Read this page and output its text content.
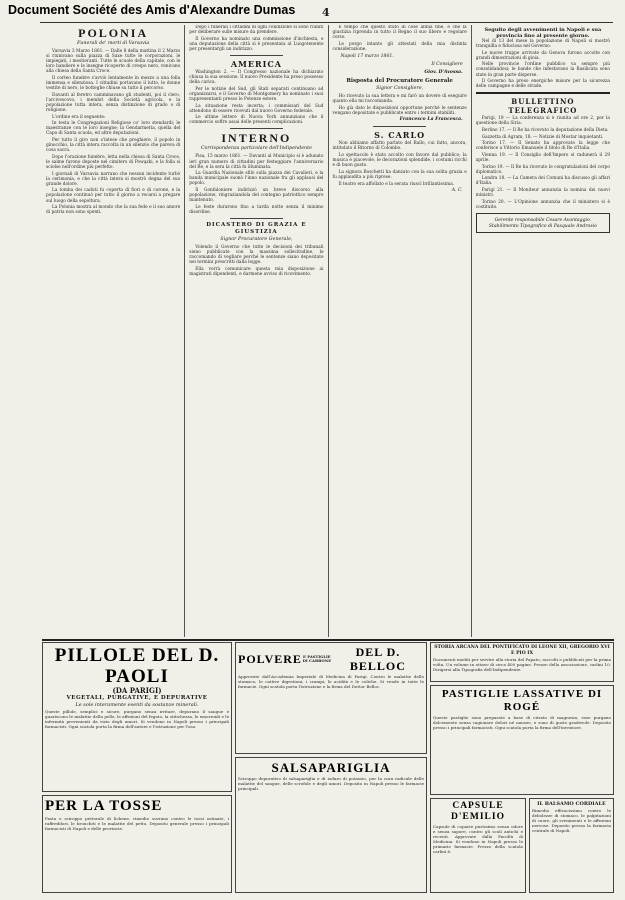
Document Société des Amis d'Alexandre Dumas 4
POLONIA
Funerali de' morti di Varsavia

Varsavia 3 Marzo 1861. — Dalle 8 della mattina il 2 Marzo si riunivano sulla piazza di Saxe tutte le corporazioni, le impiegati, i mestieranti. Tutte le scuole della capitale, con le loro bandiere e le insegne ricoperte di crespo nero, venivano alla chiesa della Santa Croce.

Il corteo funebre s'avviò lentamente in mezzo a una folla immensa e silenziosa. I cittadini portavano il lutto, le donne vestite di nero, le botteghe chiuse su tutto il percorso.

Davanti al feretro camminavano gli studenti, poi il clero, l'arcivescovo, i membri della Società agricola, e la popolazione tutta intera, senza distinzione di grado o di religione.

L'ordine era il seguente:

In testa le Congregazioni Religiose co' loro stendardi; le maestranze con le loro insegne; la Gendarmeria, quella del Capo di Santa scuola, ed altre deputazioni.

Per tutto il giro non s'intese che preghiere, il popolo in ginocchio, la città intera raccolta in un silenzio che pareva di cosa sacra.

Dopo l'orazione funebre, letta nella chiesa di Santa Croce, le salme furono deposte nel cimitero di Powązki, e la folla si sciolse nell'ordine più perfetto.

I giornali di Varsavia narrano che nessun incidente turbò la cerimonia, e che la città intera si mostrò degna del suo grande dolore.

La tomba dei caduti fu coperta di fiori e di corone, e la popolazione continuò per tutto il giorno a recarsi a pregare sul luogo della sepoltura.

La Polonia mostra al mondo che la sua fede e il suo amore di patria non sono spenti.

Dopo i funerali i cittadini di ogni condizione si sono riuniti per deliberare sulle misure da prendere.

Il Governo ha nominato una commissione d'inchiesta, e una deputazione della città si è presentata al Luogotenente per presentargli un indirizzo.

AMERICA

Washington 2. — Il Congresso nazionale ha dichiarato chiusa la sua sessione. Il nuovo Presidente ha preso possesso della carica.

Per le notizie del Sud, gli Stati separati continuano ad organizzarsi, e il Governo di Montgomery ha nominato i suoi rappresentanti presso le Potenze estere.

La situazione resta incerta; i commissari del Sud attendono di essere ricevuti dal nuovo Governo federale.

Le ultime lettere di Nuova York annunziano che il commercio soffre assai delle presenti complicazioni.

INTERNO
Corrispondenza particolare dell'Indipendente

Pisa, 15 marzo 1861. — Davanti al Municipio si è adunato ieri gran numero di cittadini per festeggiare l'anniversario del Re, e la sera la città fu illuminata.

La Guardia Nazionale sfilò sulla piazza dei Cavalieri, e la banda municipale suonò l'inno nazionale fra gli applausi del popolo.

Il Gonfaloniere indirizzò un breve discorso alla popolazione, ringraziandola del contegno patriottico sempre mantenuto.

Le feste durarono fino a tarda notte senza il minimo disordine.

DICASTERO DI GRAZIA E GIUSTIZIA
Signor Procuratore Generale,

Volendo il Governo che tutte le decisioni dei tribunali sieno pubblicate con la massima sollecitudine, le raccomando di vegliare perché le sentenze siano depositate nei termini prescritti dalla legge.

Ella vorrà comunicare questa mia disposizione ai magistrati dipendenti, e darmene avviso di ricevimento.

È tempo che questo stato di cose abbia fine, e che la giustizia riprenda in tutto il Regno il suo libero e regolare corso.

Le porgo intanto gli attestati della mia distinta considerazione.

Napoli 17 marzo 1861.
Il Consigliere
Giov. D'Avossa.
Risposta del Procuratore Generale
Signor Consigliere,

Ho ricevuto la sua lettera e mi farò un dovere di eseguire quanto ella mi raccomanda.

Ho già dato le disposizioni opportune perché le sentenze vengano depositate e pubblicate entro i termini stabiliti.

Francesco La Francesca.
S. CARLO

Non abbiamo affatto parlato del Ballo, cui fatto, ancora, intitolato il Ritorno di Colombo.

Lo spettacolo è stato accolto con favore dal pubblico; la musica è piacevole, le decorazioni splendide, i costumi ricchi e di buon gusto.

La signora Boschetti ha danzato con la sua solita grazia e fu applaudita a più riprese.

Il teatro era affollato e la serata riuscì brillantissima.

A. C.
Seguito degli avvenimenti in Napoli e sua provincia fino al presente giorno.

Nel di 13 del mese la popolazione di Napoli si mostrò tranquilla e fiduciosa nel Governo.

Le nuove truppe arrivate da Genova furono accolte con grandi dimostrazioni di gioia.

Nelle provincie l'ordine pubblico va sempre più consolidandosi; le bande che infestavano la Basilicata sono state in gran parte disperse.

Il Governo ha preso energiche misure per la sicurezza delle campagne e delle strade.

BULLETTINO TELEGRAFICO

Parigi, 19 — La conferenza si è riunita ad ore 2, per la questione della Siria.

Berlino 17. — Il Re ha ricevuto la deputazione della Dieta.

Gazzetta di Agram, 18. — Notizie di Mostar inquietanti.

Torino 17. — Il Senato ha approvato la legge che conferisce a Vittorio Emanuele il titolo di Re d'Italia.

Vienna 19. — Il Consiglio dell'Impero si radunerà il 29 aprile.

Torino 19. — Il Re ha ricevuto le congratulazioni del corpo diplomatico.

Londra 18. — La Camera dei Comuni ha discusso gli affari d'Italia.

Parigi 21. — Il Moniteur annunzia la nomina dei nuovi ministri.

Torino 20. — L'Opinione annunzia che il ministero si è costituito.

Gerente responsabile Cesare Avantaggio.
Stabilimento Tipografico di Pasquale Androsio
PILLOLE DEL D. PAOLI
(DA PARIGI)
VEGETALI, PURGATIVE, E DEPURATIVE
Le sole interamente esenti da sostanze minerali.

Queste pillole, semplici e sicure, purgano senza irritare, depurano il sangue e guariscono le malattie della pelle, le affezioni del fegato, la stitichezza, le emorroidi e le infermità provenienti da vizio degli umori. Si vendono in Napoli presso i principali farmacisti. Ogni scatola porta la firma dell'autore e l'istruzione per l'uso.

PER LA TOSSE

Pasta e sciroppo pettorale di lichene, rimedio sovrano contro le tossi ostinate, i raffreddori, le bronchiti e le malattie del petto. Deposito generale presso i principali farmacisti di Napoli e delle provincie.

POLVERE E PASTIGLIE DI CARBONE
DEL D. BELLOC

Approvate dall'Accademia Imperiale di Medicina di Parigi. Contro le malattie dello stomaco, le cattive digestioni, i crampi, le acidità e le coliche. Si vende in tutte le farmacie. Ogni scatola porta l'istruzione e la firma del Dottor Belloc.

SALSAPARIGLIA

Sciroppo depurativo di salsapariglia e di ioduro di potassio, per la cura radicale delle malattie del sangue, delle scrofole e degli umori. Deposito in Napoli presso le farmacie principali.

STORIA ARCANA DEL PONTIFICATO DI LEONE XII, GREGORIO XVI E PIO IX

Documenti inediti per servire alla storia del Papato, raccolti e pubblicati per la prima volta. Un volume in ottavo di circa 400 pagine. Prezzo della associazione, carlini 10. Dirigersi alla Tipografia dell'Indipendente.

PASTIGLIE LASSATIVE DI ROGÉ

Queste pastiglie sono preparate a base di citrato di magnesia; esse purgano dolcemente senza cagionare dolori né nausee, e sono di gusto gradevole. Deposito presso i principali farmacisti. Ogni scatola porta la firma dell'inventore.

CAPSULE D'EMILIO

Capsule di copaive purissimo senza odore e senza sapore, contro gli scoli antichi e recenti. Approvate dalla Facoltà di Medicina. Si vendono in Napoli presso le primarie farmacie. Prezzo della scatola carlini 6.

IL BALSAMO CORDIALE

Rimedio efficacissimo contro le debolezze di stomaco, le palpitazioni di cuore, gli svenimenti e le affezioni nervose. Deposito presso la farmacia centrale di Napoli.
